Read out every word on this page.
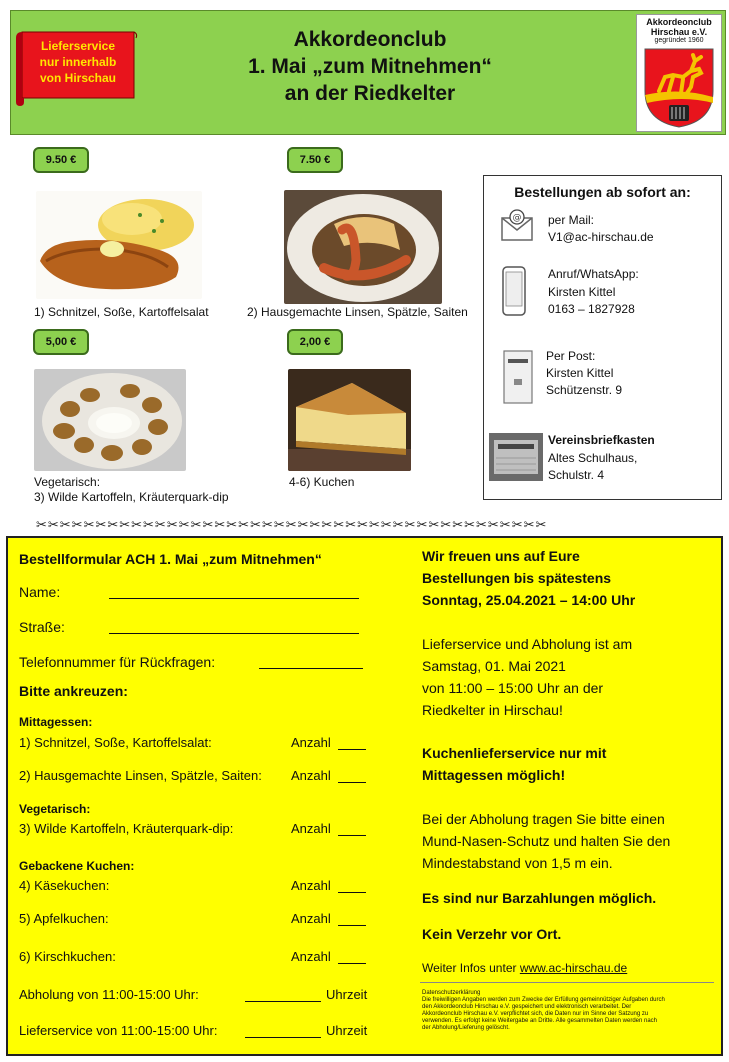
Lieferservice
nur innerhalb
von Hirschau
Akkordeonclub
1. Mai „zum Mitnehmen“
an der Riedkelter
Akkordeonclub
Hirschau e.V.
gegründet 1960
9.50 €	7.50 €
5,00 €	2,00 €
1) Schnitzel, Soße, Kartoffelsalat	2) Hausgemachte Linsen, Spätzle, Saiten
Vegetarisch:
3) Wilde Kartoffeln, Kräuterquark-dip
4-6) Kuchen
Bestellungen ab sofort an:
@ per Mail:
V1@ac-hirschau.de
Anruf/WhatsApp:
Kirsten Kittel
0163 – 1827928
Per Post:
Kirsten Kittel
Schützenstr. 9
Vereinsbriefkasten
Altes Schulhaus,
Schulstr. 4
✂✂✂✂✂✂✂✂✂✂✂✂✂✂✂✂✂✂✂✂✂✂✂✂✂✂✂✂✂✂✂✂✂✂✂✂✂✂✂✂✂✂✂
Bestellformular ACH 1. Mai „zum Mitnehmen“
Name:
Straße:
Telefonnummer für Rückfragen:
Bitte ankreuzen:
Mittagessen:
1) Schnitzel, Soße, Kartoffelsalat:	Anzahl
2) Hausgemachte Linsen, Spätzle, Saiten: Anzahl
Vegetarisch:
3) Wilde Kartoffeln, Kräuterquark-dip:	Anzahl
Gebackene Kuchen:
4) Käsekuchen:	Anzahl
5) Apfelkuchen:	Anzahl
6) Kirschkuchen:	Anzahl
Abholung von 11:00-15:00 Uhr:	Uhrzeit
Lieferservice von 11:00-15:00 Uhr:	Uhrzeit
Wir freuen uns auf Eure
Bestellungen bis spätestens
Sonntag, 25.04.2021 – 14:00 Uhr
Lieferservice und Abholung ist am
Samstag, 01. Mai 2021
von 11:00 – 15:00 Uhr an der
Riedkelter in Hirschau!
Kuchenlieferservice nur mit
Mittagessen möglich!
Bei der Abholung tragen Sie bitte einen
Mund-Nasen-Schutz und halten Sie den
Mindestabstand von 1,5 m ein.
Es sind nur Barzahlungen möglich.
Kein Verzehr vor Ort.
Weiter Infos unter www.ac-hirschau.de
Datenschutzerklärung
Die freiwilligen Angaben werden zum Zwecke der Erfüllung gemeinnütziger Aufgaben durch
den Akkordeonclub Hirschau e.V. gespeichert und elektronisch verarbeitet. Der
Akkordeonclub Hirschau e.V. verpflichtet sich, die Daten nur im Sinne der Satzung zu
verwenden. Es erfolgt keine Weitergabe an Dritte. Alle gesammelten Daten werden nach
der Abholung/Lieferung gelöscht.
